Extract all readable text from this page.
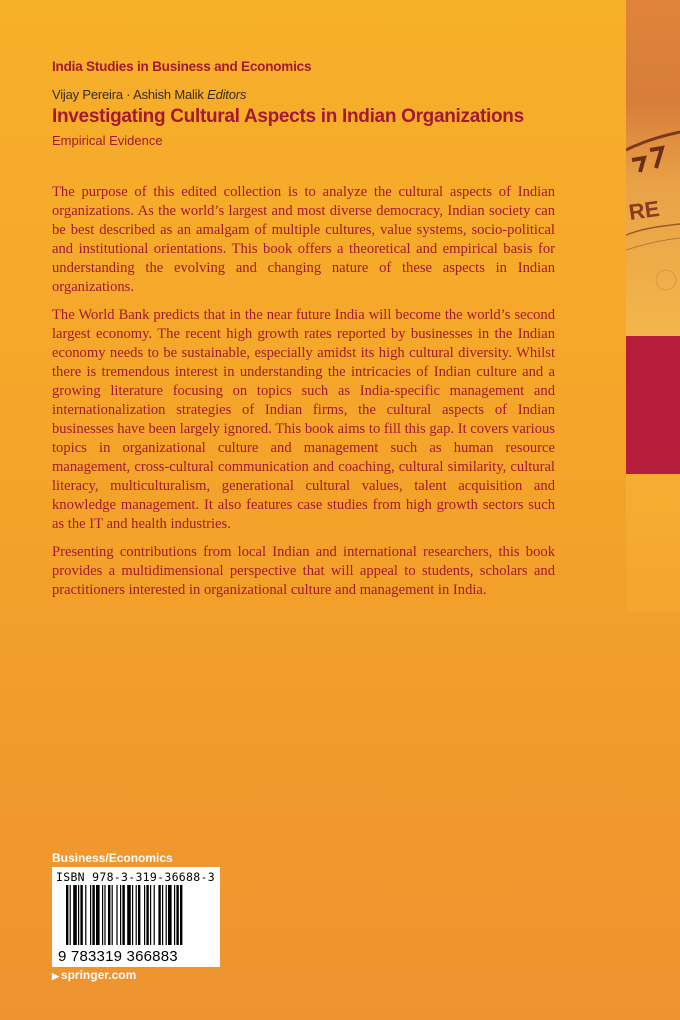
RE
India Studies in Business and Economics
Vijay Pereira · Ashish Malik Editors
Investigating Cultural Aspects in Indian Organizations
Empirical Evidence

The purpose of this edited collection is to analyze the cultural aspects of Indian organizations. As the world’s largest and most diverse democracy, Indian society can be best described as an amalgam of multiple cultures, value systems, socio-political and institutional orientations. This book offers a theoretical and empirical basis for understanding the evolving and changing nature of these aspects in Indian organizations.

The World Bank predicts that in the near future India will become the world’s second largest economy. The recent high growth rates reported by businesses in the Indian economy needs to be sustainable, especially amidst its high cultural diversity. Whilst there is tremendous interest in understanding the intricacies of Indian culture and a growing literature focusing on topics such as India-specific management and internationalization strategies of Indian firms, the cultural aspects of Indian businesses have been largely ignored. This book aims to fill this gap. It covers various topics in organizational culture and management such as human resource management, cross-cultural communication and coaching, cultural similarity, cultural literacy, multiculturalism, generational cultural values, talent acquisition and knowledge management. It also features case studies from high growth sectors such as the IT and health industries.

Presenting contributions from local Indian and international researchers, this book provides a multidimensional perspective that will appeal to students, scholars and practitioners interested in organizational culture and management in India.

Business/Economics
ISBN 978-3-319-36688-3
9 783319 366883
▶ springer.com
